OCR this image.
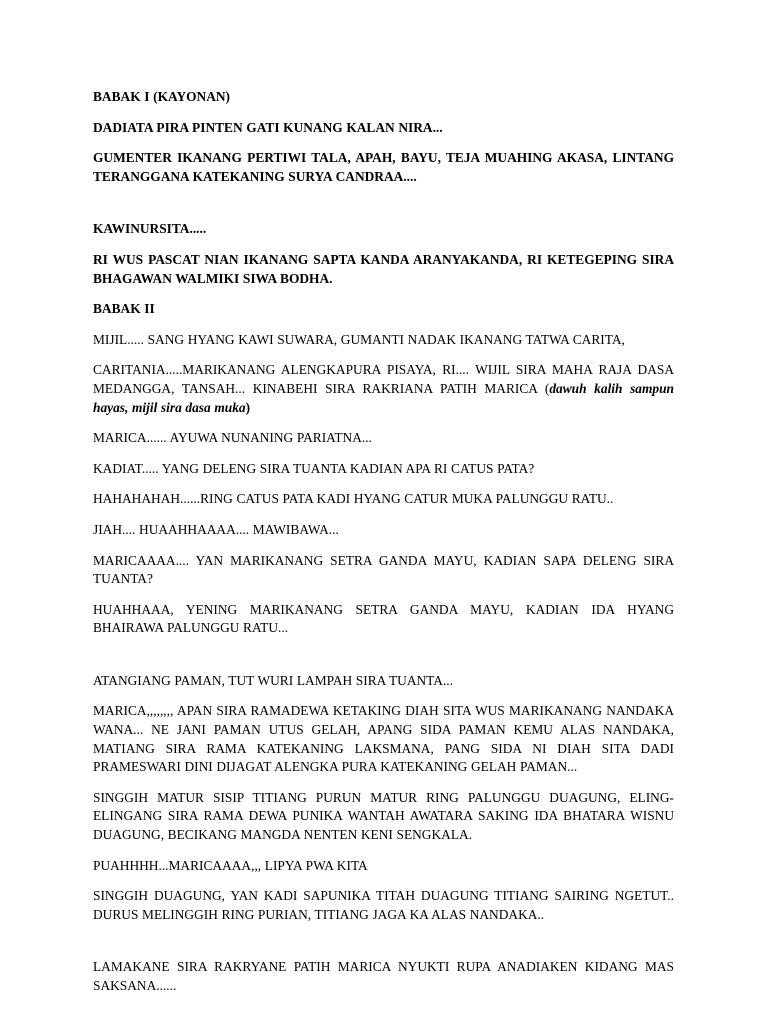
BABAK I (KAYONAN)

DADIATA PIRA PINTEN GATI KUNANG KALAN NIRA...

GUMENTER IKANANG PERTIWI TALA, APAH, BAYU, TEJA MUAHING AKASA, LINTANG TERANGGANA KATEKANING SURYA CANDRAA....

KAWINURSITA.....

RI WUS PASCAT NIAN IKANANG SAPTA KANDA ARANYAKANDA, RI KETEGEPING SIRA BHAGAWAN WALMIKI SIWA BODHA.

BABAK II

MIJIL..... SANG HYANG KAWI SUWARA, GUMANTI NADAK IKANANG TATWA CARITA,

CARITANIA.....MARIKANANG ALENGKAPURA PISAYA, RI.... WIJIL SIRA MAHA RAJA DASA MEDANGGA, TANSAH... KINABEHI SIRA RAKRIANA PATIH MARICA (dawuh kalih sampun hayas, mijil sira dasa muka)

MARICA...... AYUWA NUNANING PARIATNA...

KADIAT..... YANG DELENG SIRA TUANTA KADIAN APA RI CATUS PATA?

HAHAHAHAH......RING CATUS PATA KADI HYANG CATUR MUKA PALUNGGU RATU..

JIAH.... HUAAHHAAAA.... MAWIBAWA...

MARICAAAA.... YAN MARIKANANG SETRA GANDA MAYU, KADIAN SAPA DELENG SIRA TUANTA?

HUAHHAAA, YENING MARIKANANG SETRA GANDA MAYU, KADIAN IDA HYANG BHAIRAWA PALUNGGU RATU...

ATANGIANG PAMAN, TUT WURI LAMPAH SIRA TUANTA...

MARICA,,,,,,,, APAN SIRA RAMADEWA KETAKING DIAH SITA WUS MARIKANANG NANDAKA WANA... NE JANI PAMAN UTUS GELAH, APANG SIDA PAMAN KEMU ALAS NANDAKA, MATIANG SIRA RAMA KATEKANING LAKSMANA, PANG SIDA NI DIAH SITA DADI PRAMESWARI DINI DIJAGAT ALENGKA PURA KATEKANING GELAH PAMAN...

SINGGIH MATUR SISIP TITIANG PURUN MATUR RING PALUNGGU DUAGUNG, ELING-ELINGANG SIRA RAMA DEWA PUNIKA WANTAH AWATARA SAKING IDA BHATARA WISNU DUAGUNG, BECIKANG MANGDA NENTEN KENI SENGKALA.

PUAHHHH...MARICAAAA,,, LIPYA PWA KITA

SINGGIH DUAGUNG, YAN KADI SAPUNIKA TITAH DUAGUNG TITIANG SAIRING NGETUT.. DURUS MELINGGIH RING PURIAN, TITIANG JAGA KA ALAS NANDAKA..

LAMAKANE SIRA RAKRYANE PATIH MARICA NYUKTI RUPA ANADIAKEN KIDANG MAS SAKSANA......
